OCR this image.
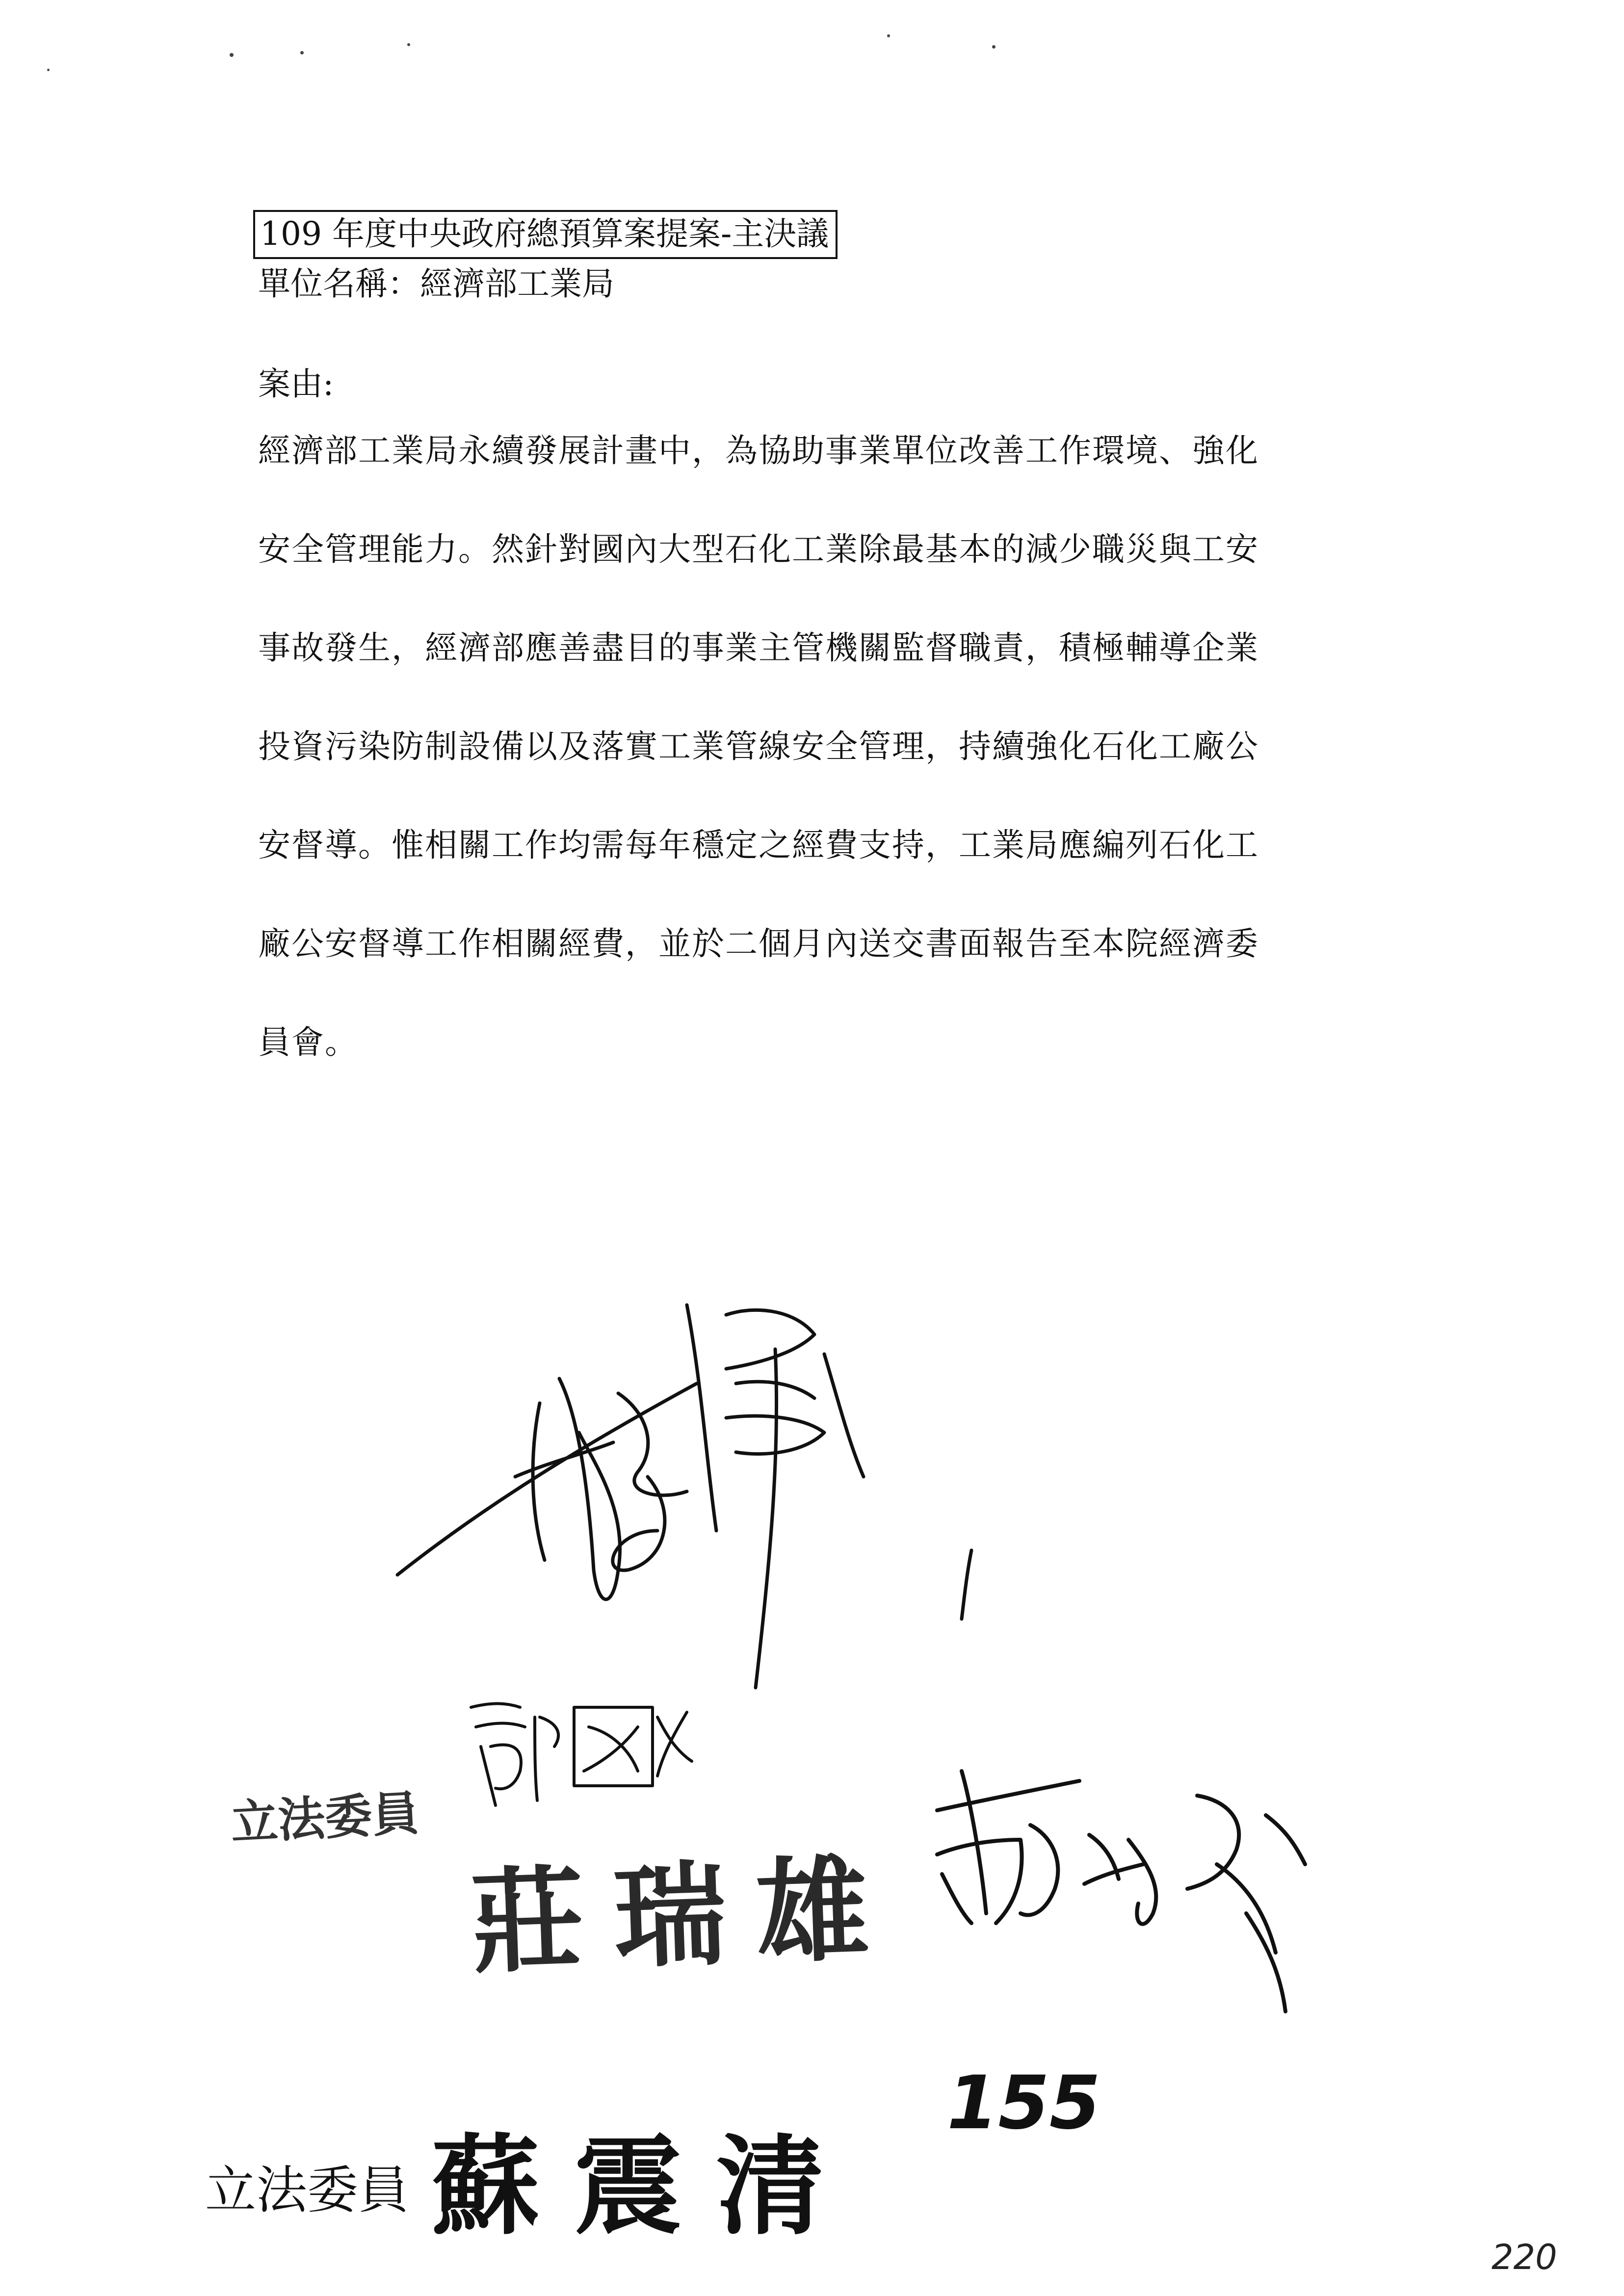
109 年度中央政府總預算案提案-主決議
單位名稱：經濟部工業局
案由:
經濟部工業局永續發展計畫中，為協助事業單位改善工作環境、強化
安全管理能力。然針對國內大型石化工業除最基本的減少職災與工安
事故發生，經濟部應善盡目的事業主管機關監督職責，積極輔導企業
投資污染防制設備以及落實工業管線安全管理，持續強化石化工廠公
安督導。惟相關工作均需每年穩定之經費支持，工業局應編列石化工
廠公安督導工作相關經費，並於二個月內送交書面報告至本院經濟委
員會。
立法委員
莊瑞雄
155
立法委員 蘇震清
220
